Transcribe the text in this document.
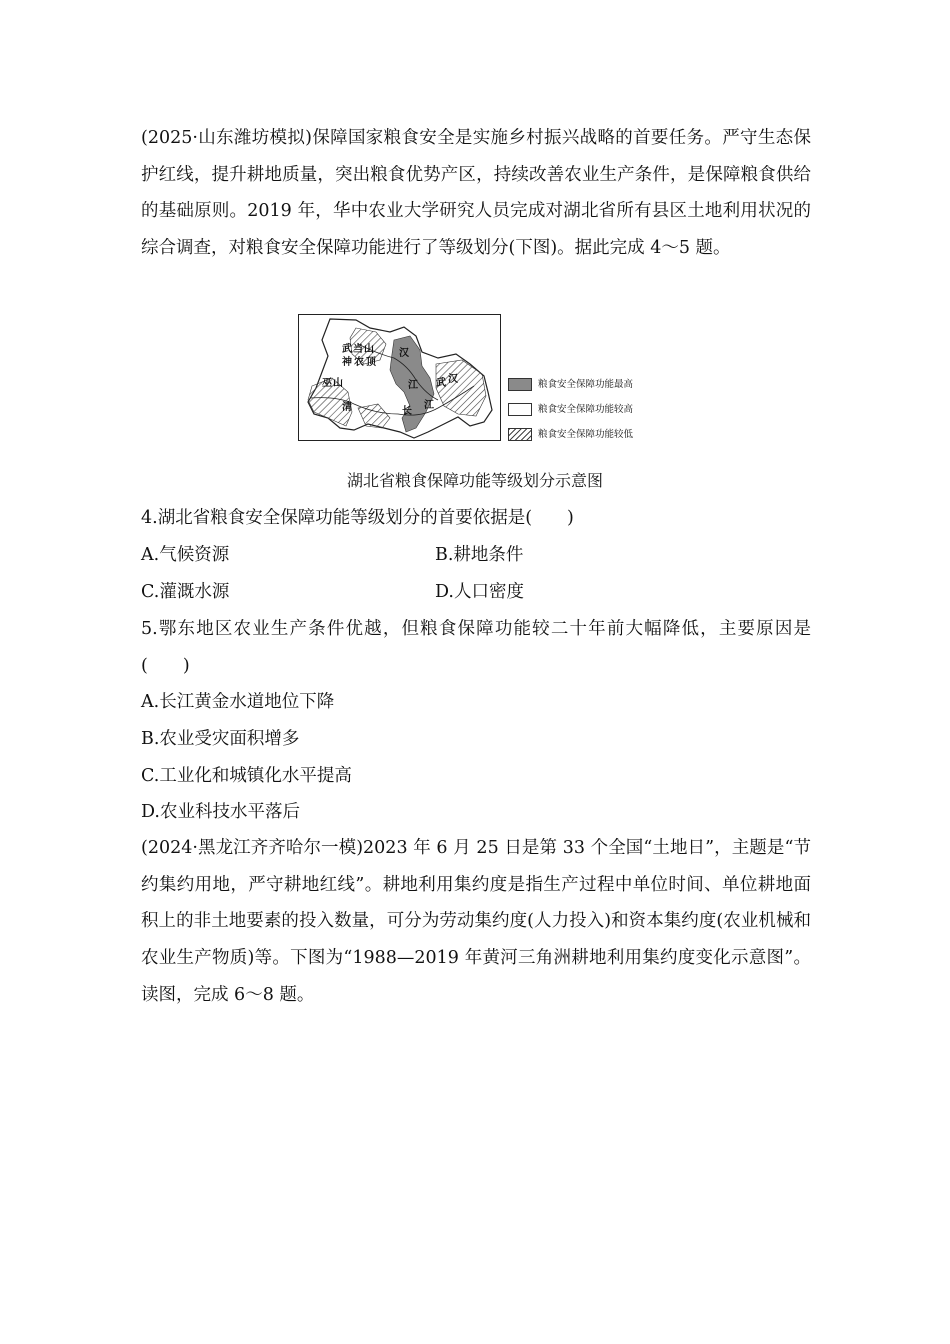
(2025·山东潍坊模拟)保障国家粮食安全是实施乡村振兴战略的首要任务。严守生态保护红线，提升耕地质量，突出粮食优势产区，持续改善农业生产条件，是保障粮食供给的基础原则。2019 年，华中农业大学研究人员完成对湖北省所有县区土地利用状况的综合调查，对粮食安全保障功能进行了等级划分(下图)。据此完成 4～5 题。
武 当 山
神 农 顶
汉
江
巫 山
清
武 汉
长
江
粮食安全保障功能最高
粮食安全保障功能较高
粮食安全保障功能较低
湖北省粮食保障功能等级划分示意图
4.湖北省粮食安全保障功能等级划分的首要依据是(　　)
A.气候资源	B.耕地条件
C.灌溉水源	D.人口密度
5.鄂东地区农业生产条件优越，但粮食保障功能较二十年前大幅降低，主要原因是(　　)
A.长江黄金水道地位下降
B.农业受灾面积增多
C.工业化和城镇化水平提高
D.农业科技水平落后
(2024·黑龙江齐齐哈尔一模)2023 年 6 月 25 日是第 33 个全国“土地日”，主题是“节约集约用地，严守耕地红线”。耕地利用集约度是指生产过程中单位时间、单位耕地面积上的非土地要素的投入数量，可分为劳动集约度(人力投入)和资本集约度(农业机械和农业生产物质)等。下图为“1988—2019 年黄河三角洲耕地利用集约度变化示意图”。读图，完成 6～8 题。
